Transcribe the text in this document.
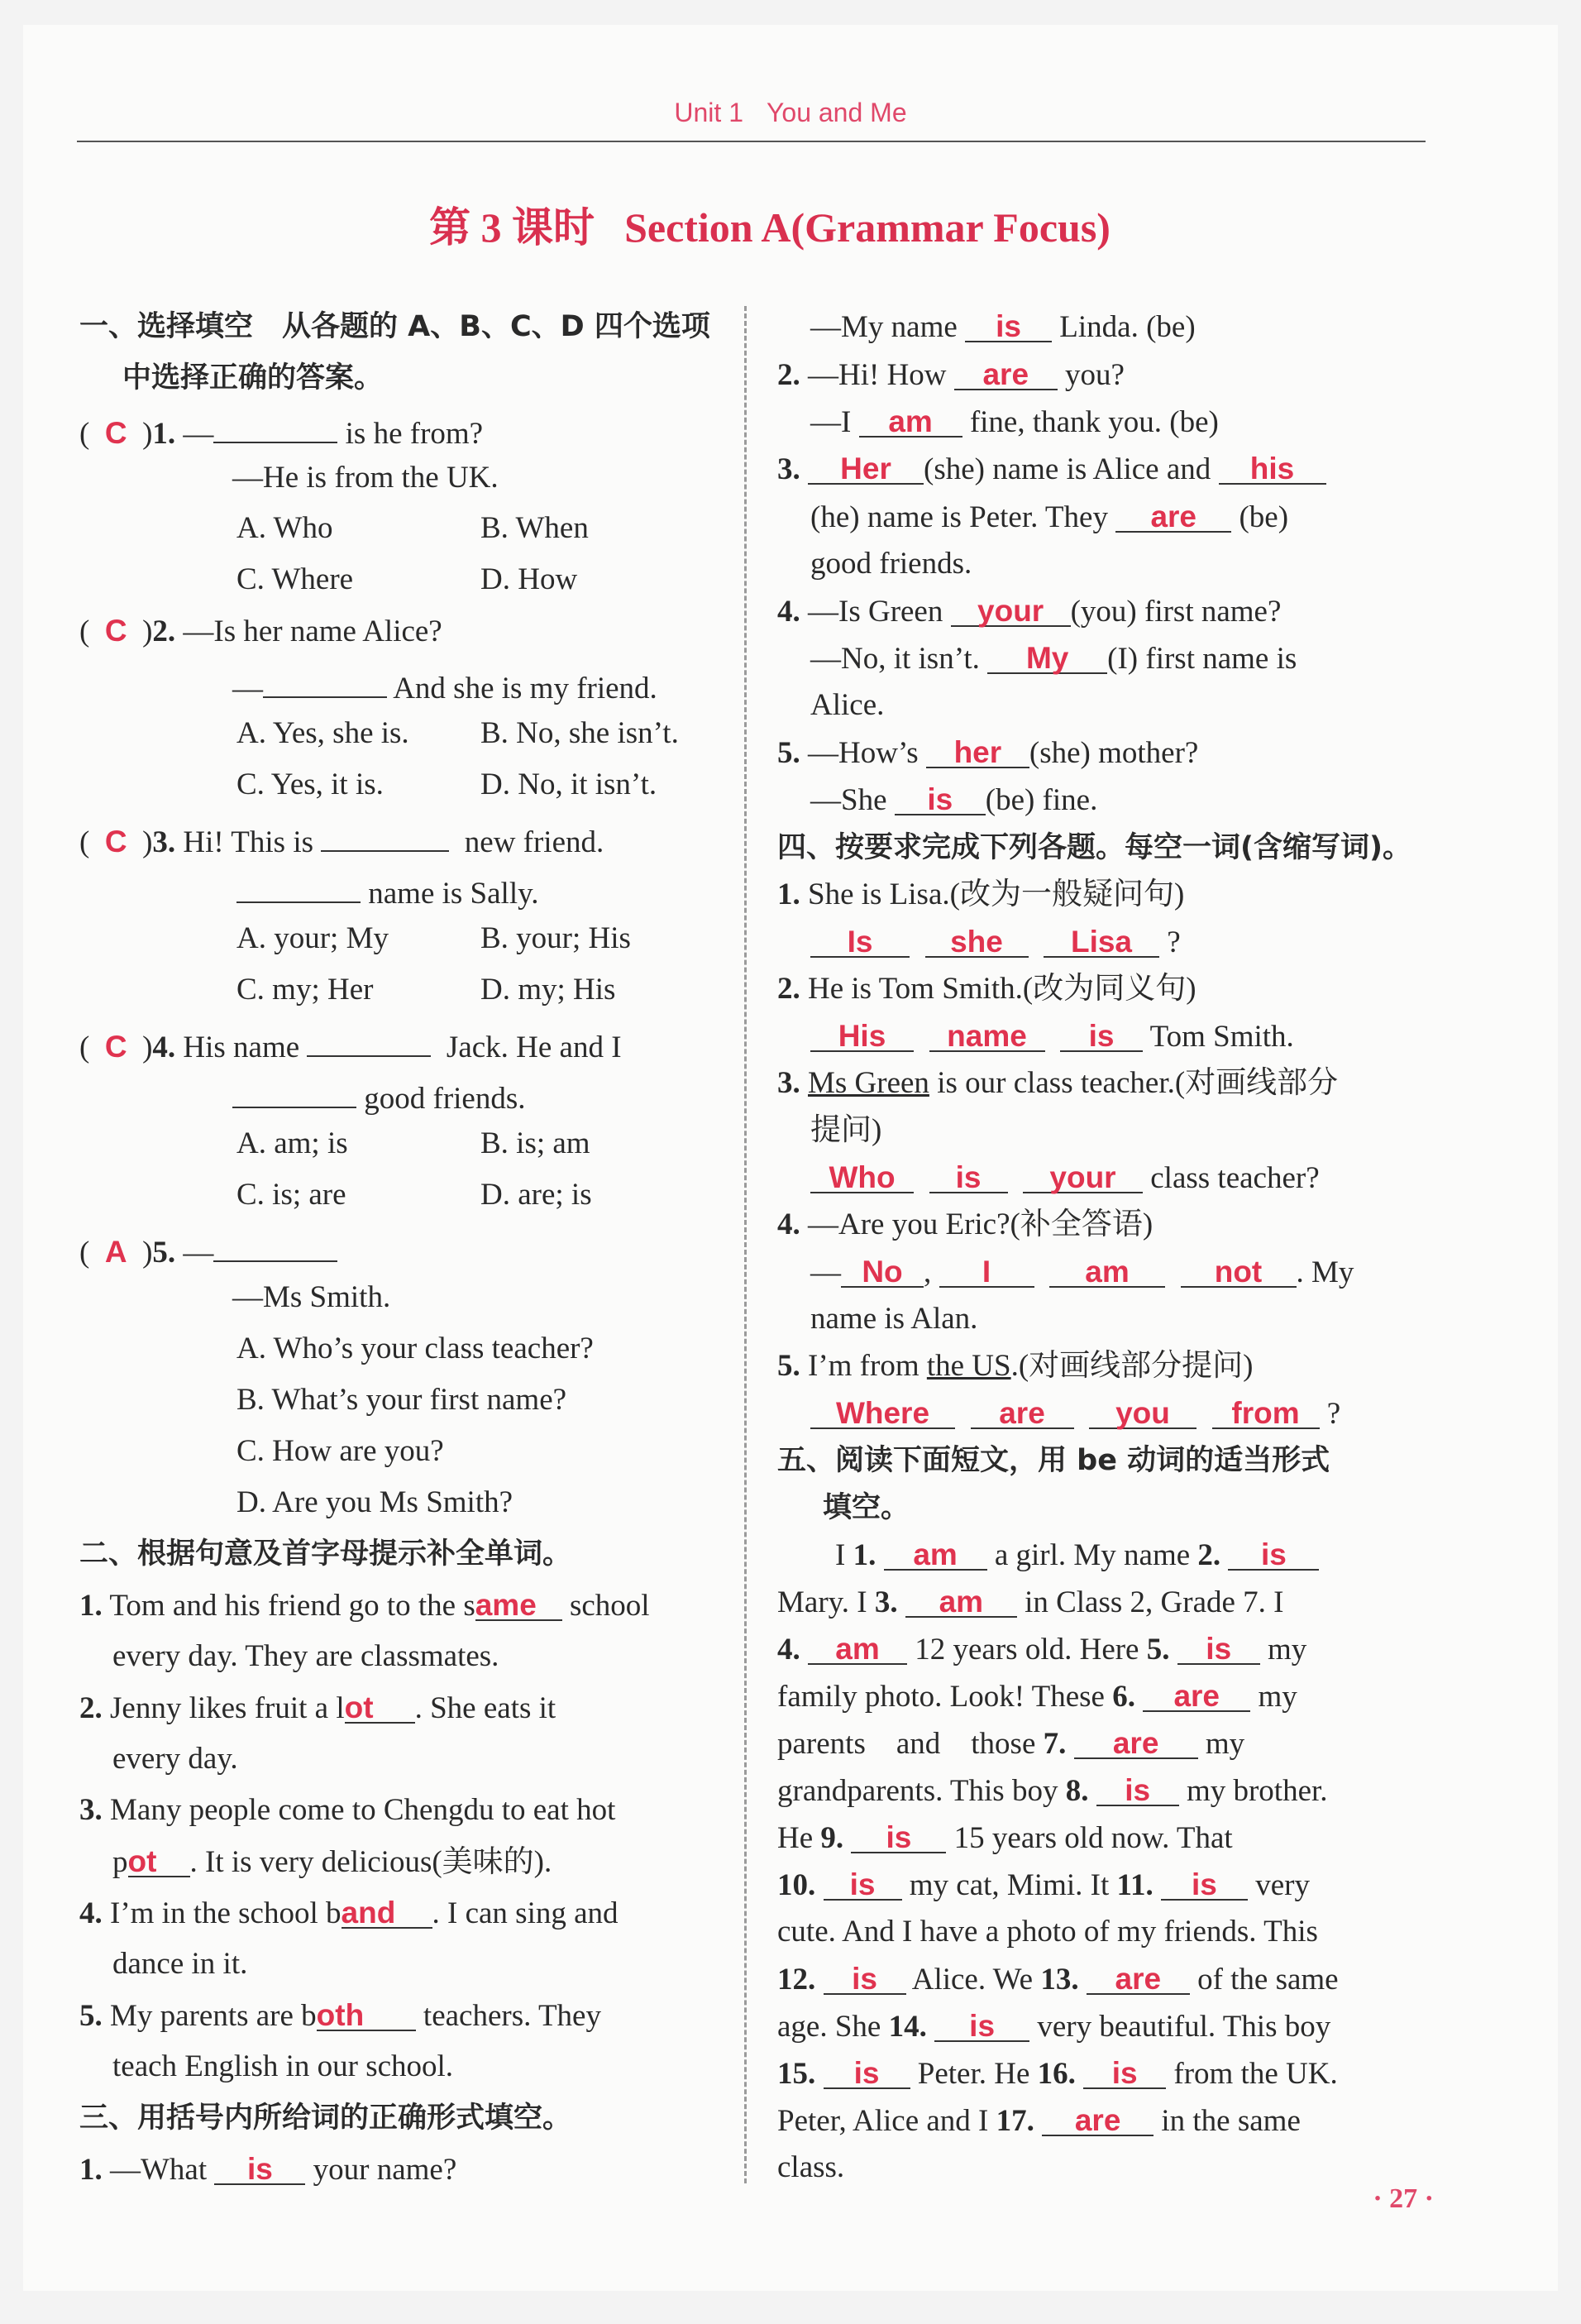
Unit 1 You and Me
第 3 课时 Section A(Grammar Focus)
一、选择填空　从各题的 A、B、C、D 四个选项
中选择正确的答案。
( C )1. —	is he from?
—He is from the UK.
A. Who	B. When
C. Where	D. How
( C )2. —Is her name Alice?
—	And she is my friend.
A. Yes, she is. B. No, she isn’t.
C. Yes, it is.	D. No, it isn’t.
( C )3. Hi! This is	new friend.
name is Sally.
A. your; My	B. your; His
C. my; Her	D. my; His
( C )4. His name	Jack. He and I
good friends.
A. am; is	B. is; am
C. is; are	D. are; is
( A )5. —
—Ms Smith.
A. Who’s your class teacher?
B. What’s your first name?
C. How are you?
D. Are you Ms Smith?
二、根据句意及首字母提示补全单词。
1. Tom and his friend go to the same school
every day. They are classmates.
2. Jenny likes fruit a lot . She eats it
every day.
3. Many people come to Chengdu to eat hot
pot . It is very delicious(美味的).
4. I’m in the school band . I can sing and
dance in it.
5. My parents are both teachers. They
teach English in our school.
三、用括号内所给词的正确形式填空。
1. —What is your name?
—My name is Linda. (be)
2. —Hi! How are you?
—I am fine, thank you. (be)
3. Her (she) name is Alice and his
(he) name is Peter. They are (be)
good friends.
4. —Is Green your (you) first name?
—No, it isn’t. My (I) first name is
Alice.
5. —How’s her (she) mother?
—She is (be) fine.
四、按要求完成下列各题。每空一词(含缩写词)。
1. She is Lisa.(改为一般疑问句)
Is	she Lisa ?
2. He is Tom Smith.(改为同义句)
His name is Tom Smith.
3. Ms Green is our class teacher.(对画线部分
提问)
Who is your class teacher?
4. —Are you Eric?(补全答语)
— No , I	am	not . My
name is Alan.
5. I’m from the US.(对画线部分提问)
Where are you from ?
五、阅读下面短文，用 be 动词的适当形式
填空。
I 1. am a girl. My name 2. is
Mary. I 3. am in Class 2, Grade 7. I
4. am 12 years old. Here 5. is my
family photo. Look! These 6. are my
parents　and　those 7. are my
grandparents. This boy 8. is my brother.
He 9. is 15 years old now. That
10. is my cat, Mimi. It 11. is very
cute. And I have a photo of my friends. This
12. is Alice. We 13. are of the same
age. She 14. is very beautiful. This boy
15. is Peter. He 16. is from the UK.
Peter, Alice and I 17. are in the same
class.
· 27 ·
